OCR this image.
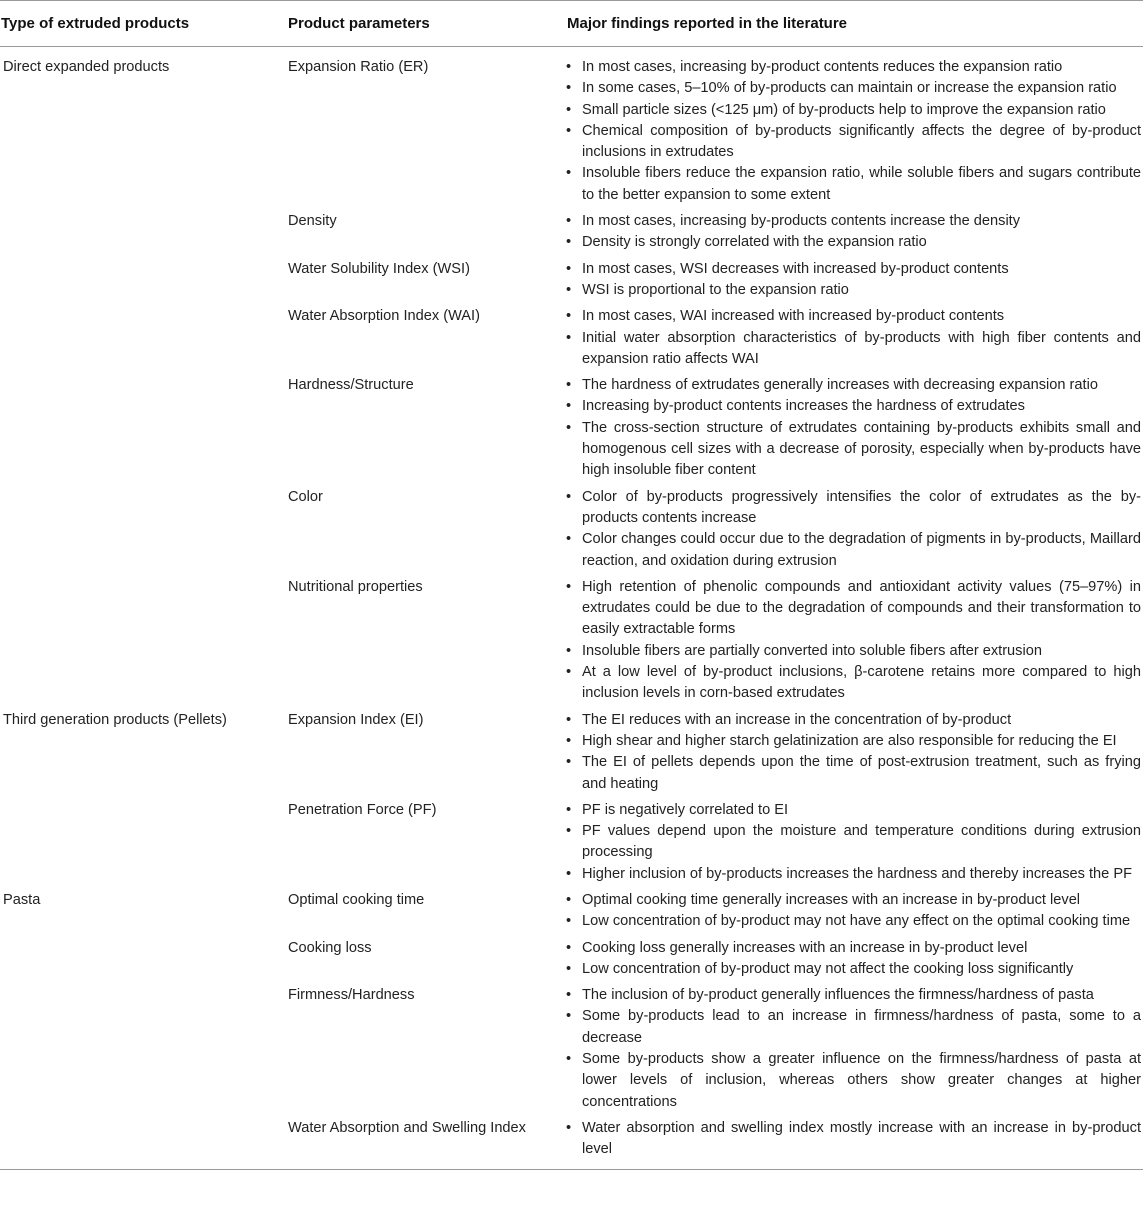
Type of extruded products	Product parameters	Major findings reported in the literature
Direct expanded products	Expansion Ratio (ER)	• In most cases, increasing by-product contents reduces the expansion ratio
• In some cases, 5–10% of by-products can maintain or increase the expansion ratio
• Small particle sizes (<125 μm) of by-products help to improve the expansion ratio
• Chemical composition of by-products significantly affects the degree of by-product inclusions in extrudates
• Insoluble fibers reduce the expansion ratio, while soluble fibers and sugars contribute to the better expansion to some extent
Density	• In most cases, increasing by-products contents increase the density
• Density is strongly correlated with the expansion ratio
Water Solubility Index (WSI)	• In most cases, WSI decreases with increased by-product contents
• WSI is proportional to the expansion ratio
Water Absorption Index (WAI)	• In most cases, WAI increased with increased by-product contents
• Initial water absorption characteristics of by-products with high fiber contents and expansion ratio affects WAI
Hardness/Structure	• The hardness of extrudates generally increases with decreasing expansion ratio
• Increasing by-product contents increases the hardness of extrudates
• The cross-section structure of extrudates containing by-products exhibits small and homogenous cell sizes with a decrease of porosity, especially when by-products have high insoluble fiber content
Color	• Color of by-products progressively intensifies the color of extrudates as the by-products contents increase
• Color changes could occur due to the degradation of pigments in by-products, Maillard reaction, and oxidation during extrusion
Nutritional properties	• High retention of phenolic compounds and antioxidant activity values (75–97%) in extrudates could be due to the degradation of compounds and their transformation to easily extractable forms
• Insoluble fibers are partially converted into soluble fibers after extrusion
• At a low level of by-product inclusions, β-carotene retains more compared to high inclusion levels in corn-based extrudates
Third generation products (Pellets)	Expansion Index (EI)	• The EI reduces with an increase in the concentration of by-product
• High shear and higher starch gelatinization are also responsible for reducing the EI
• The EI of pellets depends upon the time of post-extrusion treatment, such as frying and heating
Penetration Force (PF)	• PF is negatively correlated to EI
• PF values depend upon the moisture and temperature conditions during extrusion processing
• Higher inclusion of by-products increases the hardness and thereby increases the PF
Pasta	Optimal cooking time	• Optimal cooking time generally increases with an increase in by-product level
• Low concentration of by-product may not have any effect on the optimal cooking time
Cooking loss	• Cooking loss generally increases with an increase in by-product level
• Low concentration of by-product may not affect the cooking loss significantly
Firmness/Hardness	• The inclusion of by-product generally influences the firmness/hardness of pasta
• Some by-products lead to an increase in firmness/hardness of pasta, some to a decrease
• Some by-products show a greater influence on the firmness/hardness of pasta at lower levels of inclusion, whereas others show greater changes at higher concentrations
Water Absorption and Swelling Index	• Water absorption and swelling index mostly increase with an increase in by-product level
